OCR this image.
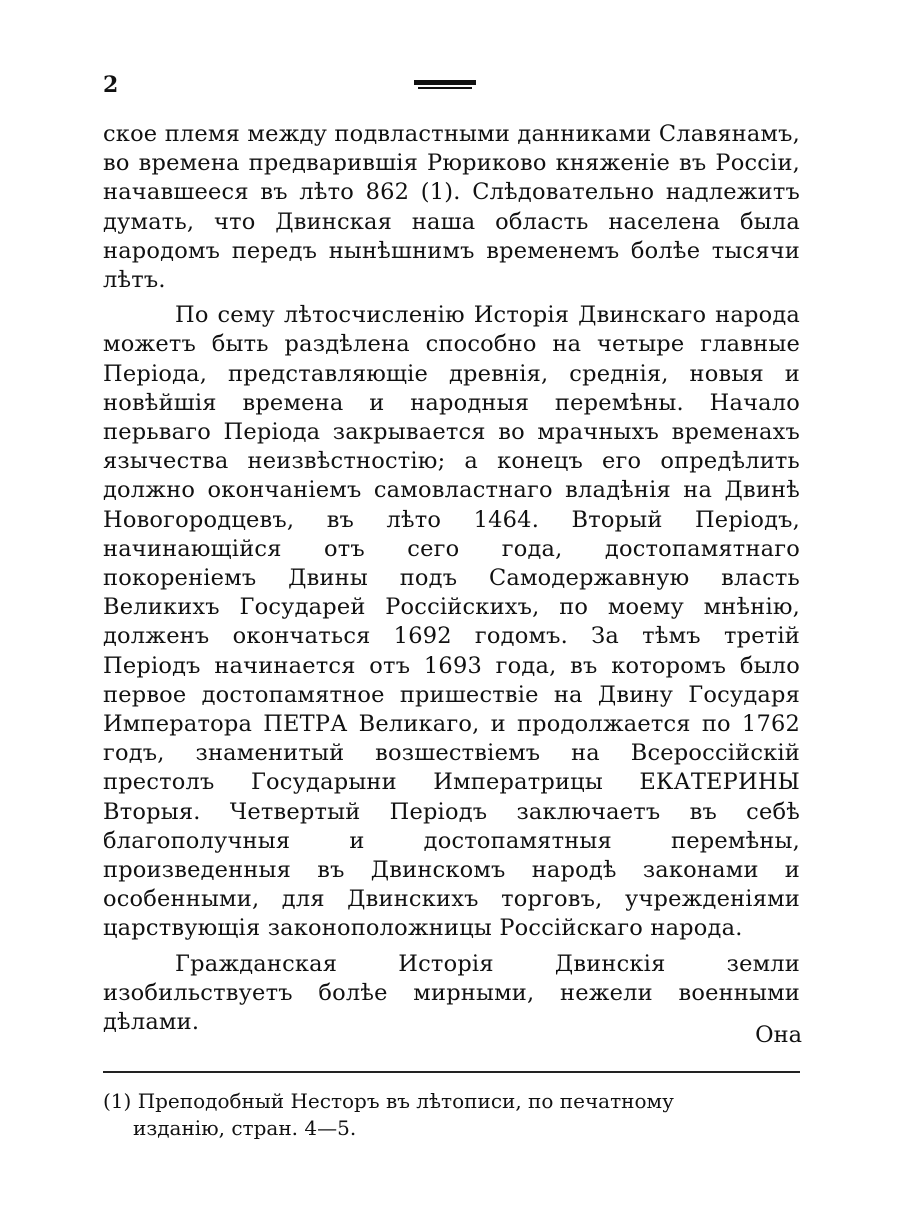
2

ское племя между подвластными данниками Славянамъ, во времена предварившія Рюриково княженіе въ Россіи, начавшееся въ лѣто 862 (1). Слѣдовательно надлежитъ думать, что Двинская наша область населена была народомъ передъ нынѣшнимъ временемъ болѣе тысячи лѣтъ.

По сему лѣтосчисленію Исторія Двинскаго народа можетъ быть раздѣлена способно на четыре главные Періода, представляющіе древнія, среднія, новыя и новѣйшія времена и народныя перемѣны. Начало перьваго Періода закрывается во мрачныхъ временахъ язычества неизвѣстностію; а конецъ его опредѣлить должно окончаніемъ самовластнаго владѣнія на Двинѣ Новогородцевъ, въ лѣто 1464. Вторый Періодъ, начинающійся отъ сего года, достопамятнаго покореніемъ Двины подъ Самодержавную власть Великихъ Государей Россійскихъ, по моему мнѣнію, долженъ окончаться 1692 годомъ. За тѣмъ третій Періодъ начинается отъ 1693 года, въ которомъ было первое достопамятное пришествіе на Двину Государя Императора ПЕТРА Великаго, и продолжается по 1762 годъ, знаменитый возшествіемъ на Всероссійскій престолъ Государыни Императрицы ЕКАТЕРИНЫ Вторыя. Четвертый Періодъ заключаетъ въ себѣ благополучныя и достопамятныя перемѣны, произведенныя въ Двинскомъ народѣ законами и особенными, для Двинскихъ торговъ, учрежденіями царствующія законоположницы Россійскаго народа.

Гражданская Исторія Двинскія земли изобильствуетъ болѣе мирными, нежели военными дѣлами.	Она
(1) Преподобный Несторъ въ лѣтописи, по печатному
изданію, стран. 4—5.
